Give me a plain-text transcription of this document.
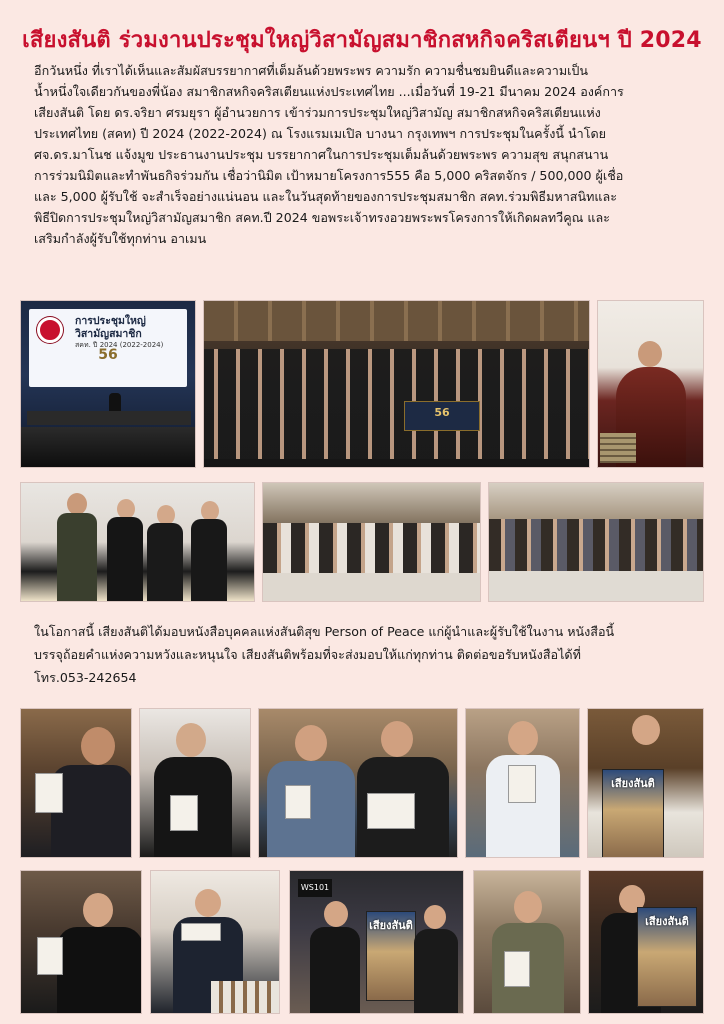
เสียงสันติ ร่วมงานประชุมใหญ่วิสามัญสมาชิกสหกิจคริสเตียนฯ ปี 2024

อีกวันหนึ่ง ที่เราได้เห็นและสัมผัสบรรยากาศที่เต็มล้นด้วยพระพร ความรัก ความชื่นชมยินดีและความเป็น

น้ำหนึ่งใจเดียวกันของพี่น้อง สมาชิกสหกิจคริสเตียนแห่งประเทศไทย ...เมื่อวันที่ 19-21 มีนาคม 2024 องค์การ

เสียงสันติ โดย ดร.จริยา ศรมยุรา ผู้อำนวยการ เข้าร่วมการประชุมใหญ่วิสามัญ สมาชิกสหกิจคริสเตียนแห่ง

ประเทศไทย (สคท) ปี 2024 (2022-2024) ณ โรงแรมเมเปิล บางนา กรุงเทพฯ การประชุมในครั้งนี้ นำโดย

ศจ.ดร.มาโนช แจ้งมูข ประธานงานประชุม บรรยากาศในการประชุมเต็มล้นด้วยพระพร ความสุข สนุกสนาน

การร่วมนิมิตและทำพันธกิจร่วมกัน เชื่อว่านิมิต เป้าหมายโครงการ555 คือ 5,000 คริสตจักร / 500,000 ผู้เชื่อ

และ 5,000 ผู้รับใช้ จะสำเร็จอย่างแน่นอน และในวันสุดท้ายของการประชุมสมาชิก สคท.ร่วมพิธีมหาสนิทและ

พิธีปิดการประชุมใหญ่วิสามัญสมาชิก สคท.ปี 2024 ขอพระเจ้าทรงอวยพระพรโครงการให้เกิดผลทวีคูณ และ

เสริมกำลังผู้รับใช้ทุกท่าน อาเมน

การประชุมใหญ่วิสามัญสมาชิก
สคท. ปี 2024 (2022-2024)
56
56

ในโอกาสนี้ เสียงสันติได้มอบหนังสือบุคคลแห่งสันติสุข Person of Peace แก่ผู้นำและผู้รับใช้ในงาน หนังสือนี้

บรรจุถ้อยคำแห่งความหวังและหนุนใจ เสียงสันติพร้อมที่จะส่งมอบให้แก่ทุกท่าน ติดต่อขอรับหนังสือได้ที่

โทร.053-242654

เสียงสันติ
WS101
เสียงสันติ	เสียงสันติ
